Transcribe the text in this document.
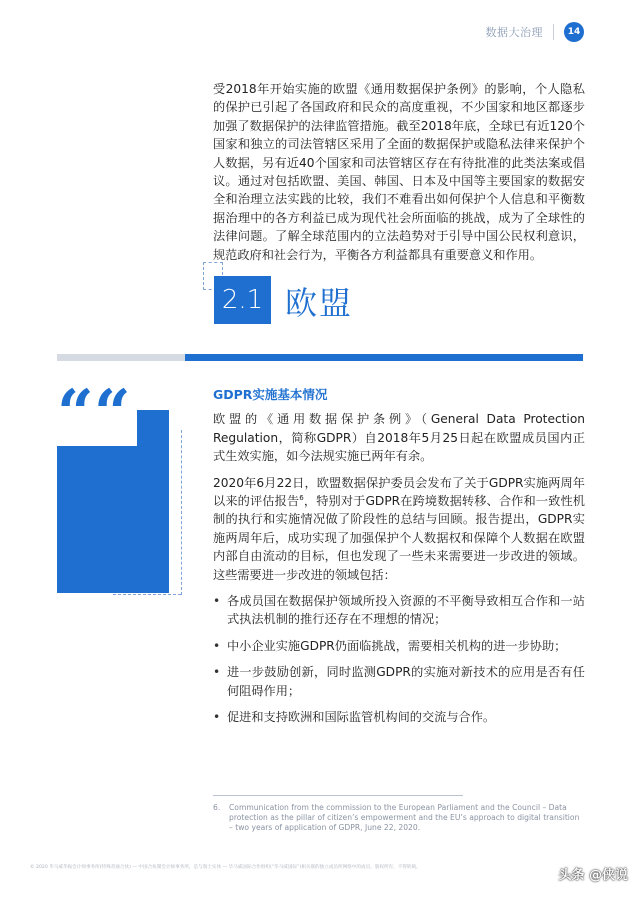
数据大治理	14

受2018年开始实施的欧盟《通用数据保护条例》的影响，个人隐私的保护已引起了各国政府和民众的高度重视，不少国家和地区都逐步加强了数据保护的法律监管措施。截至2018年底，全球已有近120个国家和独立的司法管辖区采用了全面的数据保护或隐私法律来保护个人数据，另有近40个国家和司法管辖区存在有待批准的此类法案或倡议。通过对包括欧盟、美国、韩国、日本及中国等主要国家的数据安全和治理立法实践的比较，我们不难看出如何保护个人信息和平衡数据治理中的各方利益已成为现代社会所面临的挑战，成为了全球性的法律问题。了解全球范围内的立法趋势对于引导中国公民权利意识，规范政府和社会行为，平衡各方利益都具有重要意义和作用。

2.1 欧盟
““	GDPR实施基本情况

欧盟的《通用数据保护条例》（General Data Protection Regulation，简称GDPR）自2018年5月25日起在欧盟成员国内正式生效实施，如今法规实施已两年有余。

2020年6月22日，欧盟数据保护委员会发布了关于GDPR实施两周年以来的评估报告$^6$，特别对于GDPR在跨境数据转移、合作和一致性机制的执行和实施情况做了阶段性的总结与回顾。报告提出，GDPR实施两周年后，成功实现了加强保护个人数据权和保障个人数据在欧盟内部自由流动的目标，但也发现了一些未来需要进一步改进的领域。这些需要进一步改进的领域包括：

• 各成员国在数据保护领域所投入资源的不平衡导致相互合作和一站式执法机制的推行还存在不理想的情况；
• 中小企业实施GDPR仍面临挑战，需要相关机构的进一步协助；
• 进一步鼓励创新，同时监测GDPR的实施对新技术的应用是否有任何阻碍作用；
• 促进和支持欧洲和国际监管机构间的交流与合作。
6.	Communication from the commission to the European Parliament and the Council – Data protection as the pillar of citizen’s empowerment and the EU’s approach to digital transition – two years of application of GDPR, June 22, 2020.
© 2020 毕马威华振会计师事务所(特殊普通合伙) — 中国合伙制会计师事务所，是与瑞士实体 — 毕马威国际合作组织(“毕马威国际”)相关联的独立成员所网络中的成员。版权所有，不得转载。
头条 @侠说
